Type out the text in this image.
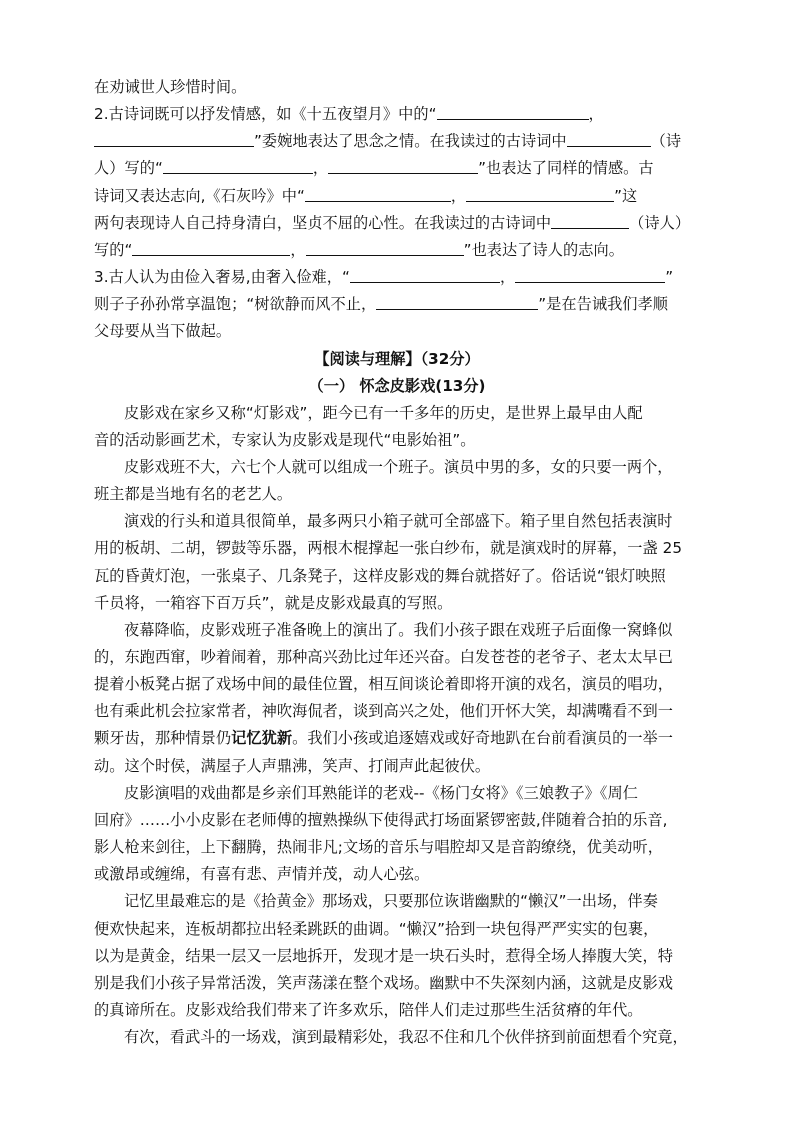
在劝诫世人珍惜时间。
2.古诗词既可以抒发情感，如《十五夜望月》中的“	，
”委婉地表达了思念之情。在我读过的古诗词中	（诗
人）写的“	，	”也表达了同样的情感。古
诗词又表达志向,《石灰吟》中“	，	”这
两句表现诗人自己持身清白，坚贞不屈的心性。在我读过的古诗词中	（诗人）
写的“	，	”也表达了诗人的志向。
3.古人认为由俭入奢易,由奢入俭难，“	，	”
则子子孙孙常享温饱；“树欲静而风不止，	”是在告诫我们孝顺
父母要从当下做起。
【阅读与理解】（32分）
（一） 怀念皮影戏(13分)
皮影戏在家乡又称“灯影戏”，距今已有一千多年的历史，是世界上最早由人配
音的活动影画艺术，专家认为皮影戏是现代“电影始祖”。
皮影戏班不大，六七个人就可以组成一个班子。演员中男的多，女的只要一两个，
班主都是当地有名的老艺人。
演戏的行头和道具很简单，最多两只小箱子就可全部盛下。箱子里自然包括表演时
用的板胡、二胡，锣鼓等乐器，两根木棍撑起一张白纱布，就是演戏时的屏幕，一盏 25
瓦的昏黄灯泡，一张桌子、几条凳子，这样皮影戏的舞台就搭好了。俗话说“银灯映照
千员将，一箱容下百万兵”，就是皮影戏最真的写照。
夜幕降临，皮影戏班子准备晚上的演出了。我们小孩子跟在戏班子后面像一窝蜂似
的，东跑西窜，吵着闹着，那种高兴劲比过年还兴奋。白发苍苍的老爷子、老太太早已
提着小板凳占据了戏场中间的最佳位置，相互间谈论着即将开演的戏名，演员的唱功，
也有乘此机会拉家常者，神吹海侃者，谈到高兴之处，他们开怀大笑，却满嘴看不到一
颗牙齿，那种情景仍记忆犹新。我们小孩或追逐嬉戏或好奇地趴在台前看演员的一举一
动。这个时侯，满屋子人声鼎沸，笑声、打闹声此起彼伏。
皮影演唱的戏曲都是乡亲们耳熟能详的老戏--《杨门女将》《三娘教子》《周仁
回府》……小小皮影在老师傅的擅熟操纵下使得武打场面紧锣密鼓,伴随着合拍的乐音,
影人枪来剑往，上下翻腾，热闹非凡;文场的音乐与唱腔却又是音韵缭绕，优美动听，
或激昂或缠绵，有喜有悲、声情并茂，动人心弦。
记忆里最难忘的是《拾黄金》那场戏，只要那位诙谐幽默的“懒汉”一出场，伴奏
便欢快起来，连板胡都拉出轻柔跳跃的曲调。“懒汉”拾到一块包得严严实实的包裹，
以为是黄金，结果一层又一层地拆开，发现才是一块石头时，惹得全场人捧腹大笑，特
别是我们小孩子异常活泼，笑声荡漾在整个戏场。幽默中不失深刻内涵，这就是皮影戏
的真谛所在。皮影戏给我们带来了许多欢乐，陪伴人们走过那些生活贫瘠的年代。
有次，看武斗的一场戏，演到最精彩处，我忍不住和几个伙伴挤到前面想看个究竟，
